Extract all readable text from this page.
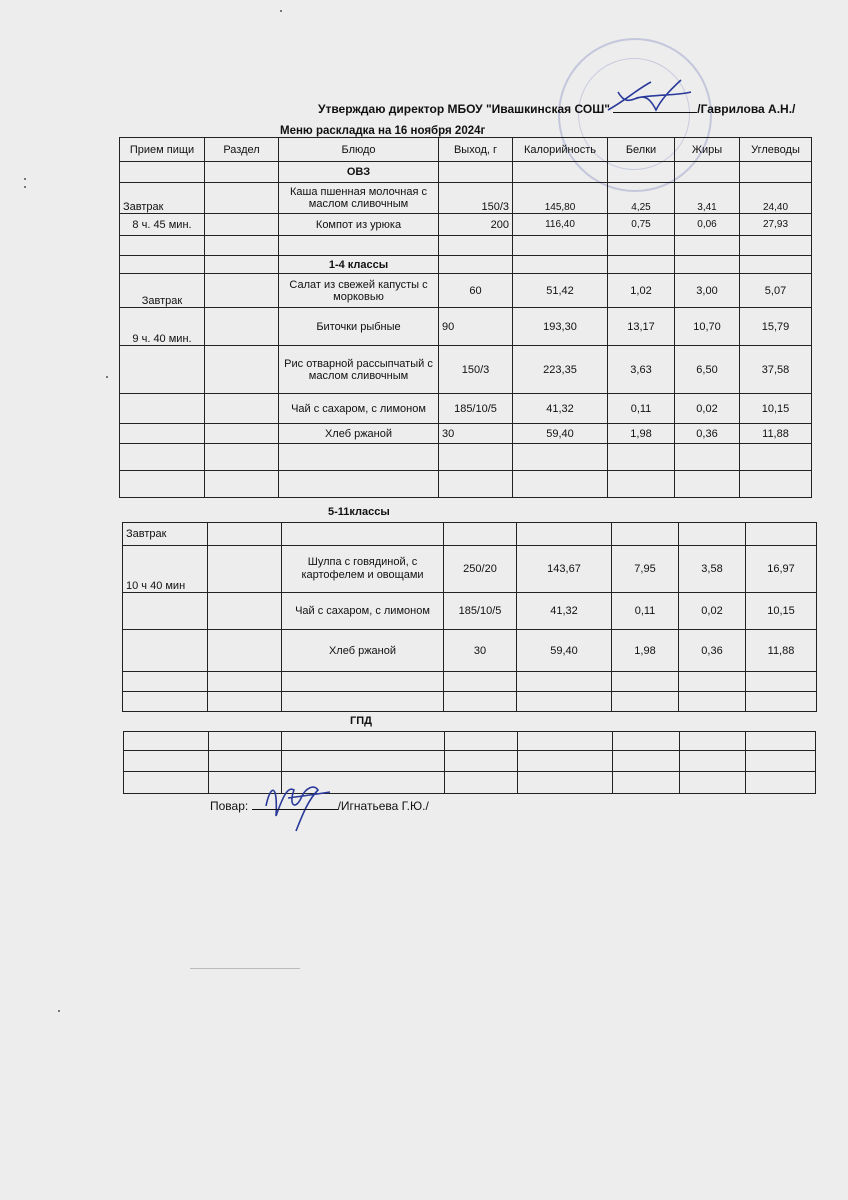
Утверждаю директор МБОУ "Ивашкинская СОШ"	/Гаврилова А.Н./
Меню раскладка на 16 ноября 2024г
Прием пищи	Раздел	Блюдо	Выход, г	Калорийность	Белки	Жиры	Углеводы
		ОВЗ					
Завтрак		Каша пшенная молочная с маслом сливочным	150/3	145,80	4,25	3,41	24,40
8 ч. 45 мин.		Компот из урюка	200	116,40	0,75	0,06	27,93

		1-4 классы					
Завтрак		Салат из свежей капусты с морковью	60	51,42	1,02	3,00	5,07
9 ч. 40 мин.		Биточки рыбные	90	193,30	13,17	10,70	15,79
		Рис отварной рассыпчатый с маслом сливочным	150/3	223,35	3,63	6,50	37,58
		Чай с сахаром, с лимоном	185/10/5	41,32	0,11	0,02	10,15
		Хлеб ржаной	30	59,40	1,98	0,36	11,88

5-11классы
Завтрак							
10 ч 40 мин		Шулпа с говядиной, с картофелем и овощами	250/20	143,67	7,95	3,58	16,97
		Чай с сахаром, с лимоном	185/10/5	41,32	0,11	0,02	10,15
		Хлеб ржаной	30	59,40	1,98	0,36	11,88

ГПД

Повар:	/Игнатьева Г.Ю./
